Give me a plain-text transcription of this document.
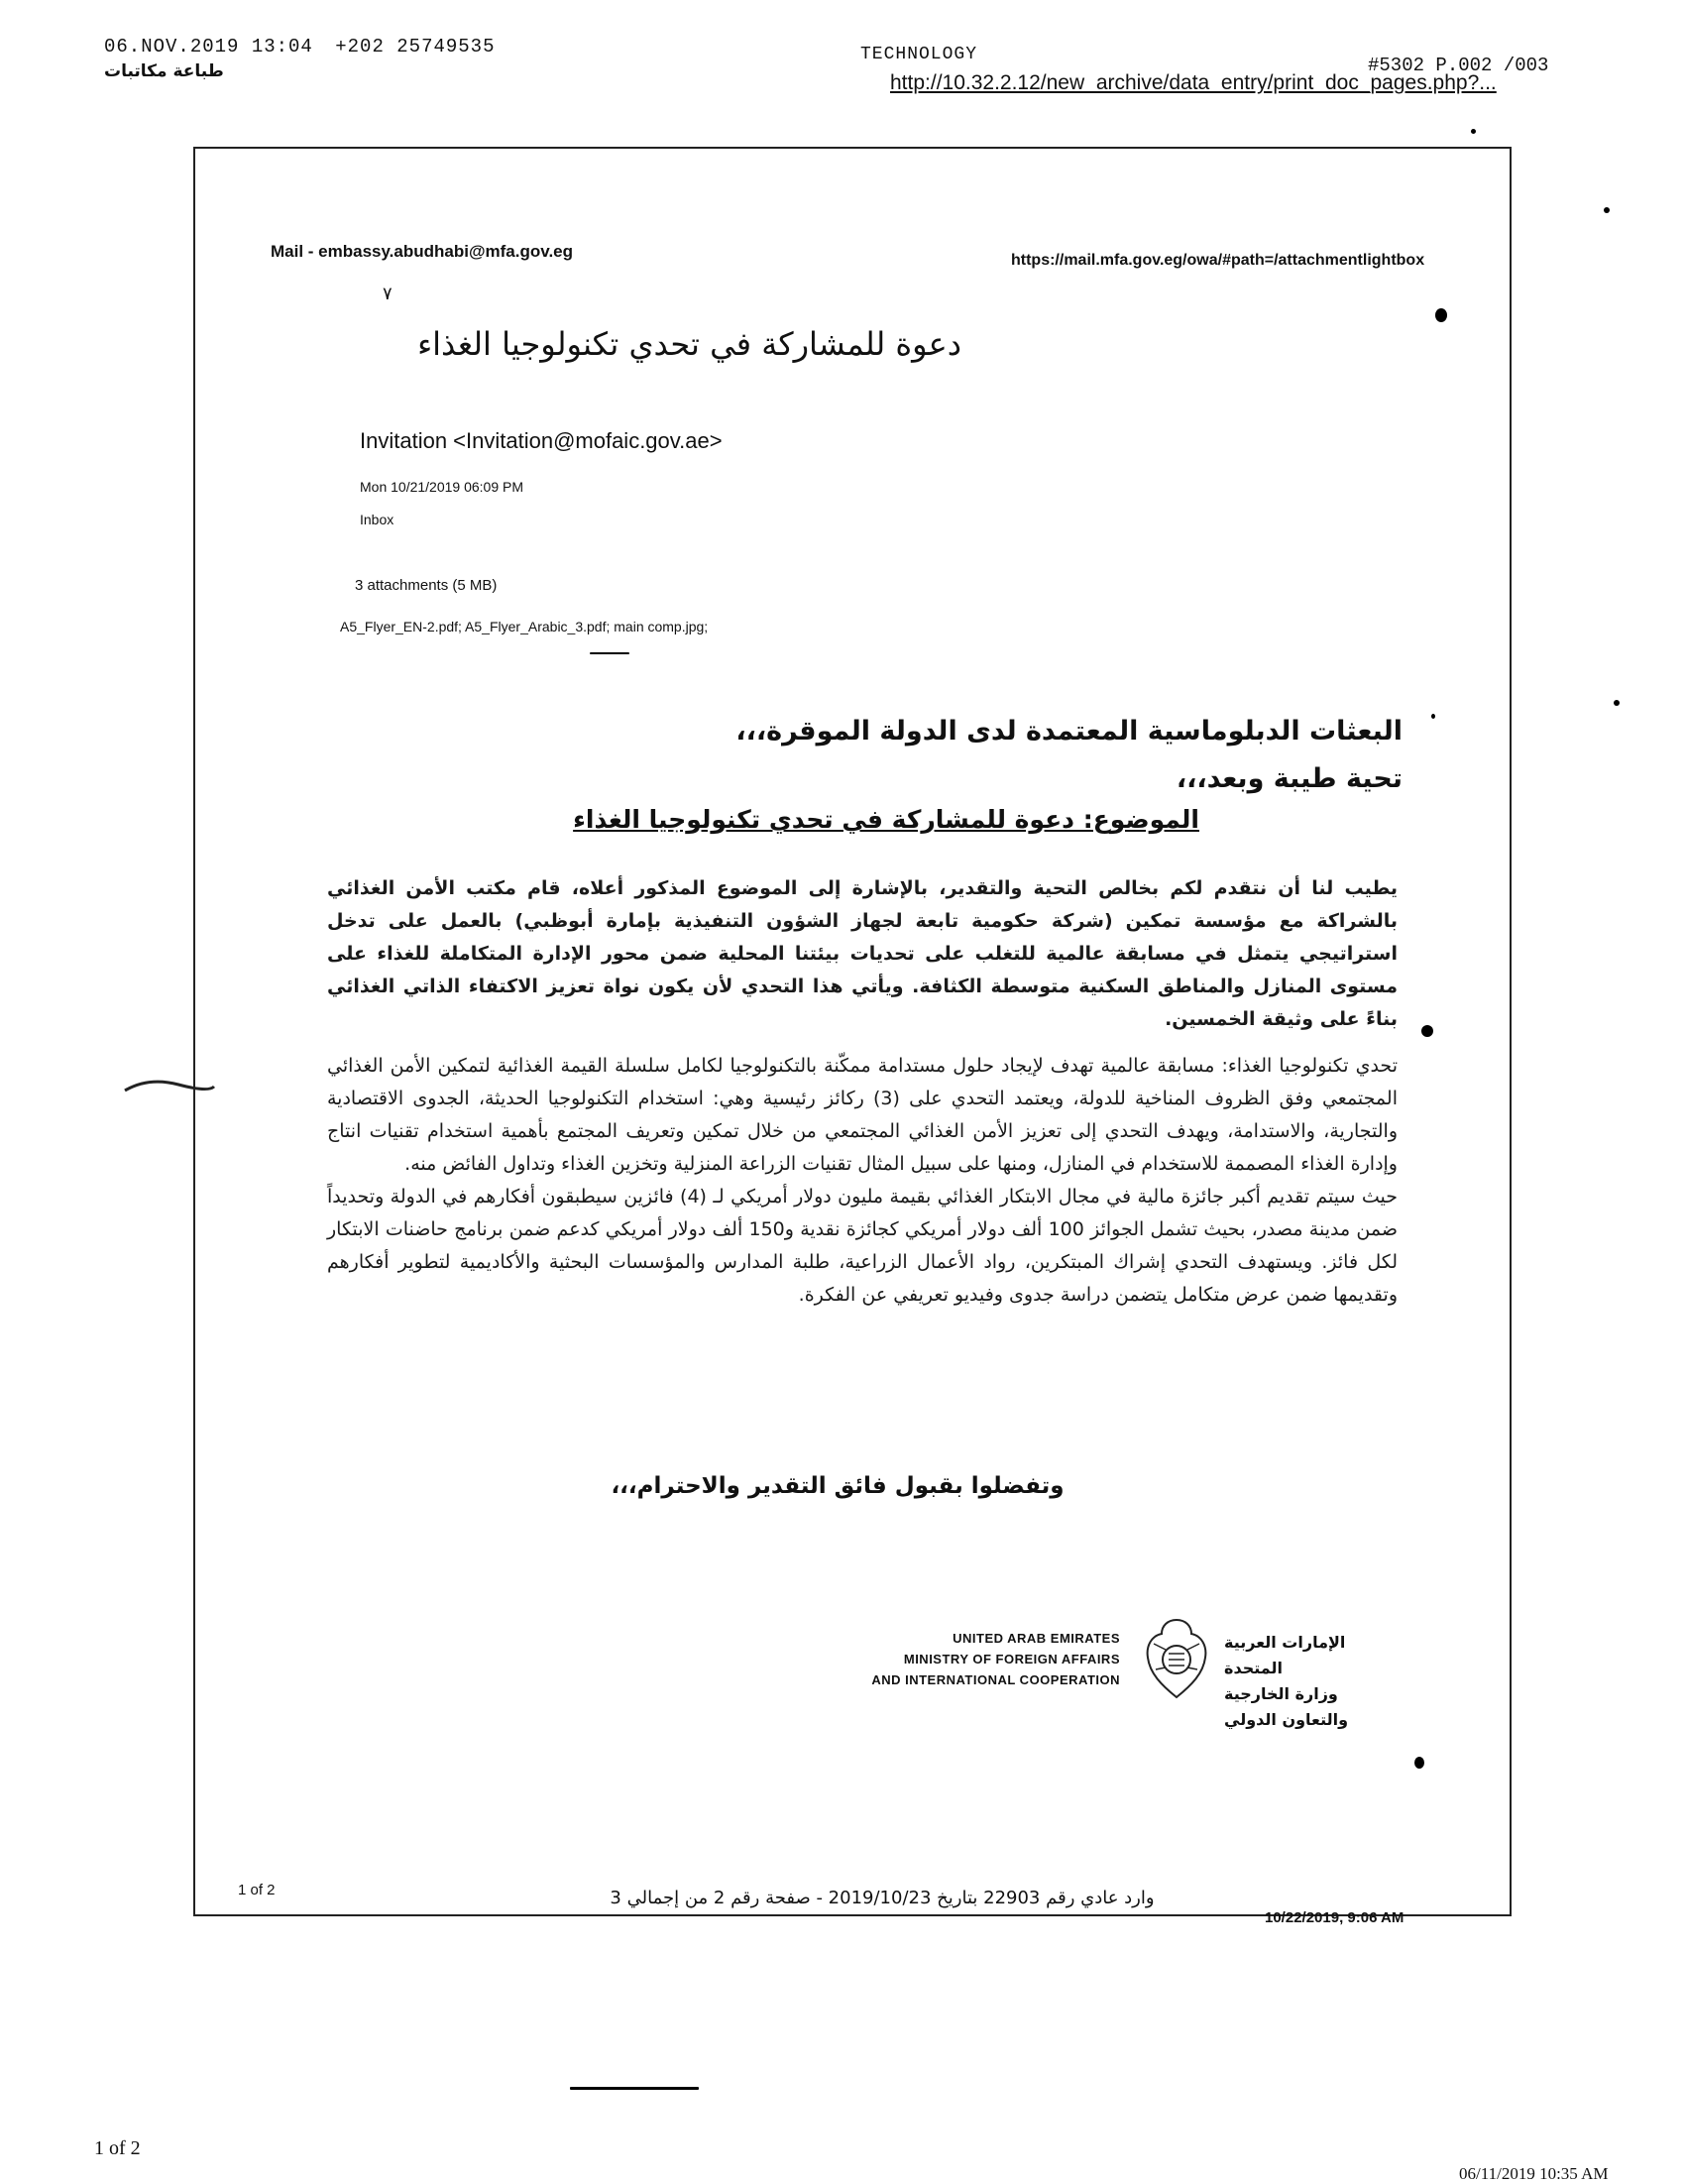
06.NOV.2019 13:04 +202 25749535
طباعة مكاتبات
TECHNOLOGY	#5302 P.002 /003
http://10.32.2.12/new_archive/data_entry/print_doc_pages.php?...
Mail - embassy.abudhabi@mfa.gov.eg	https://mail.mfa.gov.eg/owa/#path=/attachmentlightbox
٧
دعوة للمشاركة في تحدي تكنولوجيا الغذاء
Invitation <Invitation@mofaic.gov.ae>
Mon 10/21/2019 06:09 PM
Inbox
3 attachments (5 MB)
A5_Flyer_EN-2.pdf; A5_Flyer_Arabic_3.pdf; main comp.jpg;
البعثات الدبلوماسية المعتمدة لدى الدولة الموقرة،،،
تحية طيبة وبعد،،،
الموضوع: دعوة للمشاركة في تحدي تكنولوجيا الغذاء

يطيب لنا أن نتقدم لكم بخالص التحية والتقدير، بالإشارة إلى الموضوع المذكور أعلاه، قام مكتب الأمن الغذائي بالشراكة مع مؤسسة تمكين (شركة حكومية تابعة لجهاز الشؤون التنفيذية بإمارة أبوظبي) بالعمل على تدخل استراتيجي يتمثل في مسابقة عالمية للتغلب على تحديات بيئتنا المحلية ضمن محور الإدارة المتكاملة للغذاء على مستوى المنازل والمناطق السكنية متوسطة الكثافة. ويأتي هذا التحدي لأن يكون نواة تعزيز الاكتفاء الذاتي الغذائي بناءً على وثيقة الخمسين.

تحدي تكنولوجيا الغذاء: مسابقة عالمية تهدف لإيجاد حلول مستدامة ممكّنة بالتكنولوجيا لكامل سلسلة القيمة الغذائية لتمكين الأمن الغذائي المجتمعي وفق الظروف المناخية للدولة، ويعتمد التحدي على (3) ركائز رئيسية وهي: استخدام التكنولوجيا الحديثة، الجدوى الاقتصادية والتجارية، والاستدامة، ويهدف التحدي إلى تعزيز الأمن الغذائي المجتمعي من خلال تمكين وتعريف المجتمع بأهمية استخدام تقنيات انتاج وإدارة الغذاء المصممة للاستخدام في المنازل، ومنها على سبيل المثال تقنيات الزراعة المنزلية وتخزين الغذاء وتداول الفائض منه.

حيث سيتم تقديم أكبر جائزة مالية في مجال الابتكار الغذائي بقيمة مليون دولار أمريكي لـ (4) فائزين سيطبقون أفكارهم في الدولة وتحديداً ضمن مدينة مصدر، بحيث تشمل الجوائز 100 ألف دولار أمريكي كجائزة نقدية و150 ألف دولار أمريكي كدعم ضمن برنامج حاضنات الابتكار لكل فائز. ويستهدف التحدي إشراك المبتكرين، رواد الأعمال الزراعية، طلبة المدارس والمؤسسات البحثية والأكاديمية لتطوير أفكارهم وتقديمها ضمن عرض متكامل يتضمن دراسة جدوى وفيديو تعريفي عن الفكرة.

وتفضلوا بقبول فائق التقدير والاحترام،،،
UNITED ARAB EMIRATES
MINISTRY OF FOREIGN AFFAIRS
AND INTERNATIONAL COOPERATION
الإمارات العربية المتحدة
وزارة الخارجية
والتعاون الدولي
1 of 2	وارد عادي رقم 22903 بتاريخ 2019/10/23 - صفحة رقم 2 من إجمالي 3
10/22/2019, 9:06 AM
1 of 2
06/11/2019 10:35 AM
